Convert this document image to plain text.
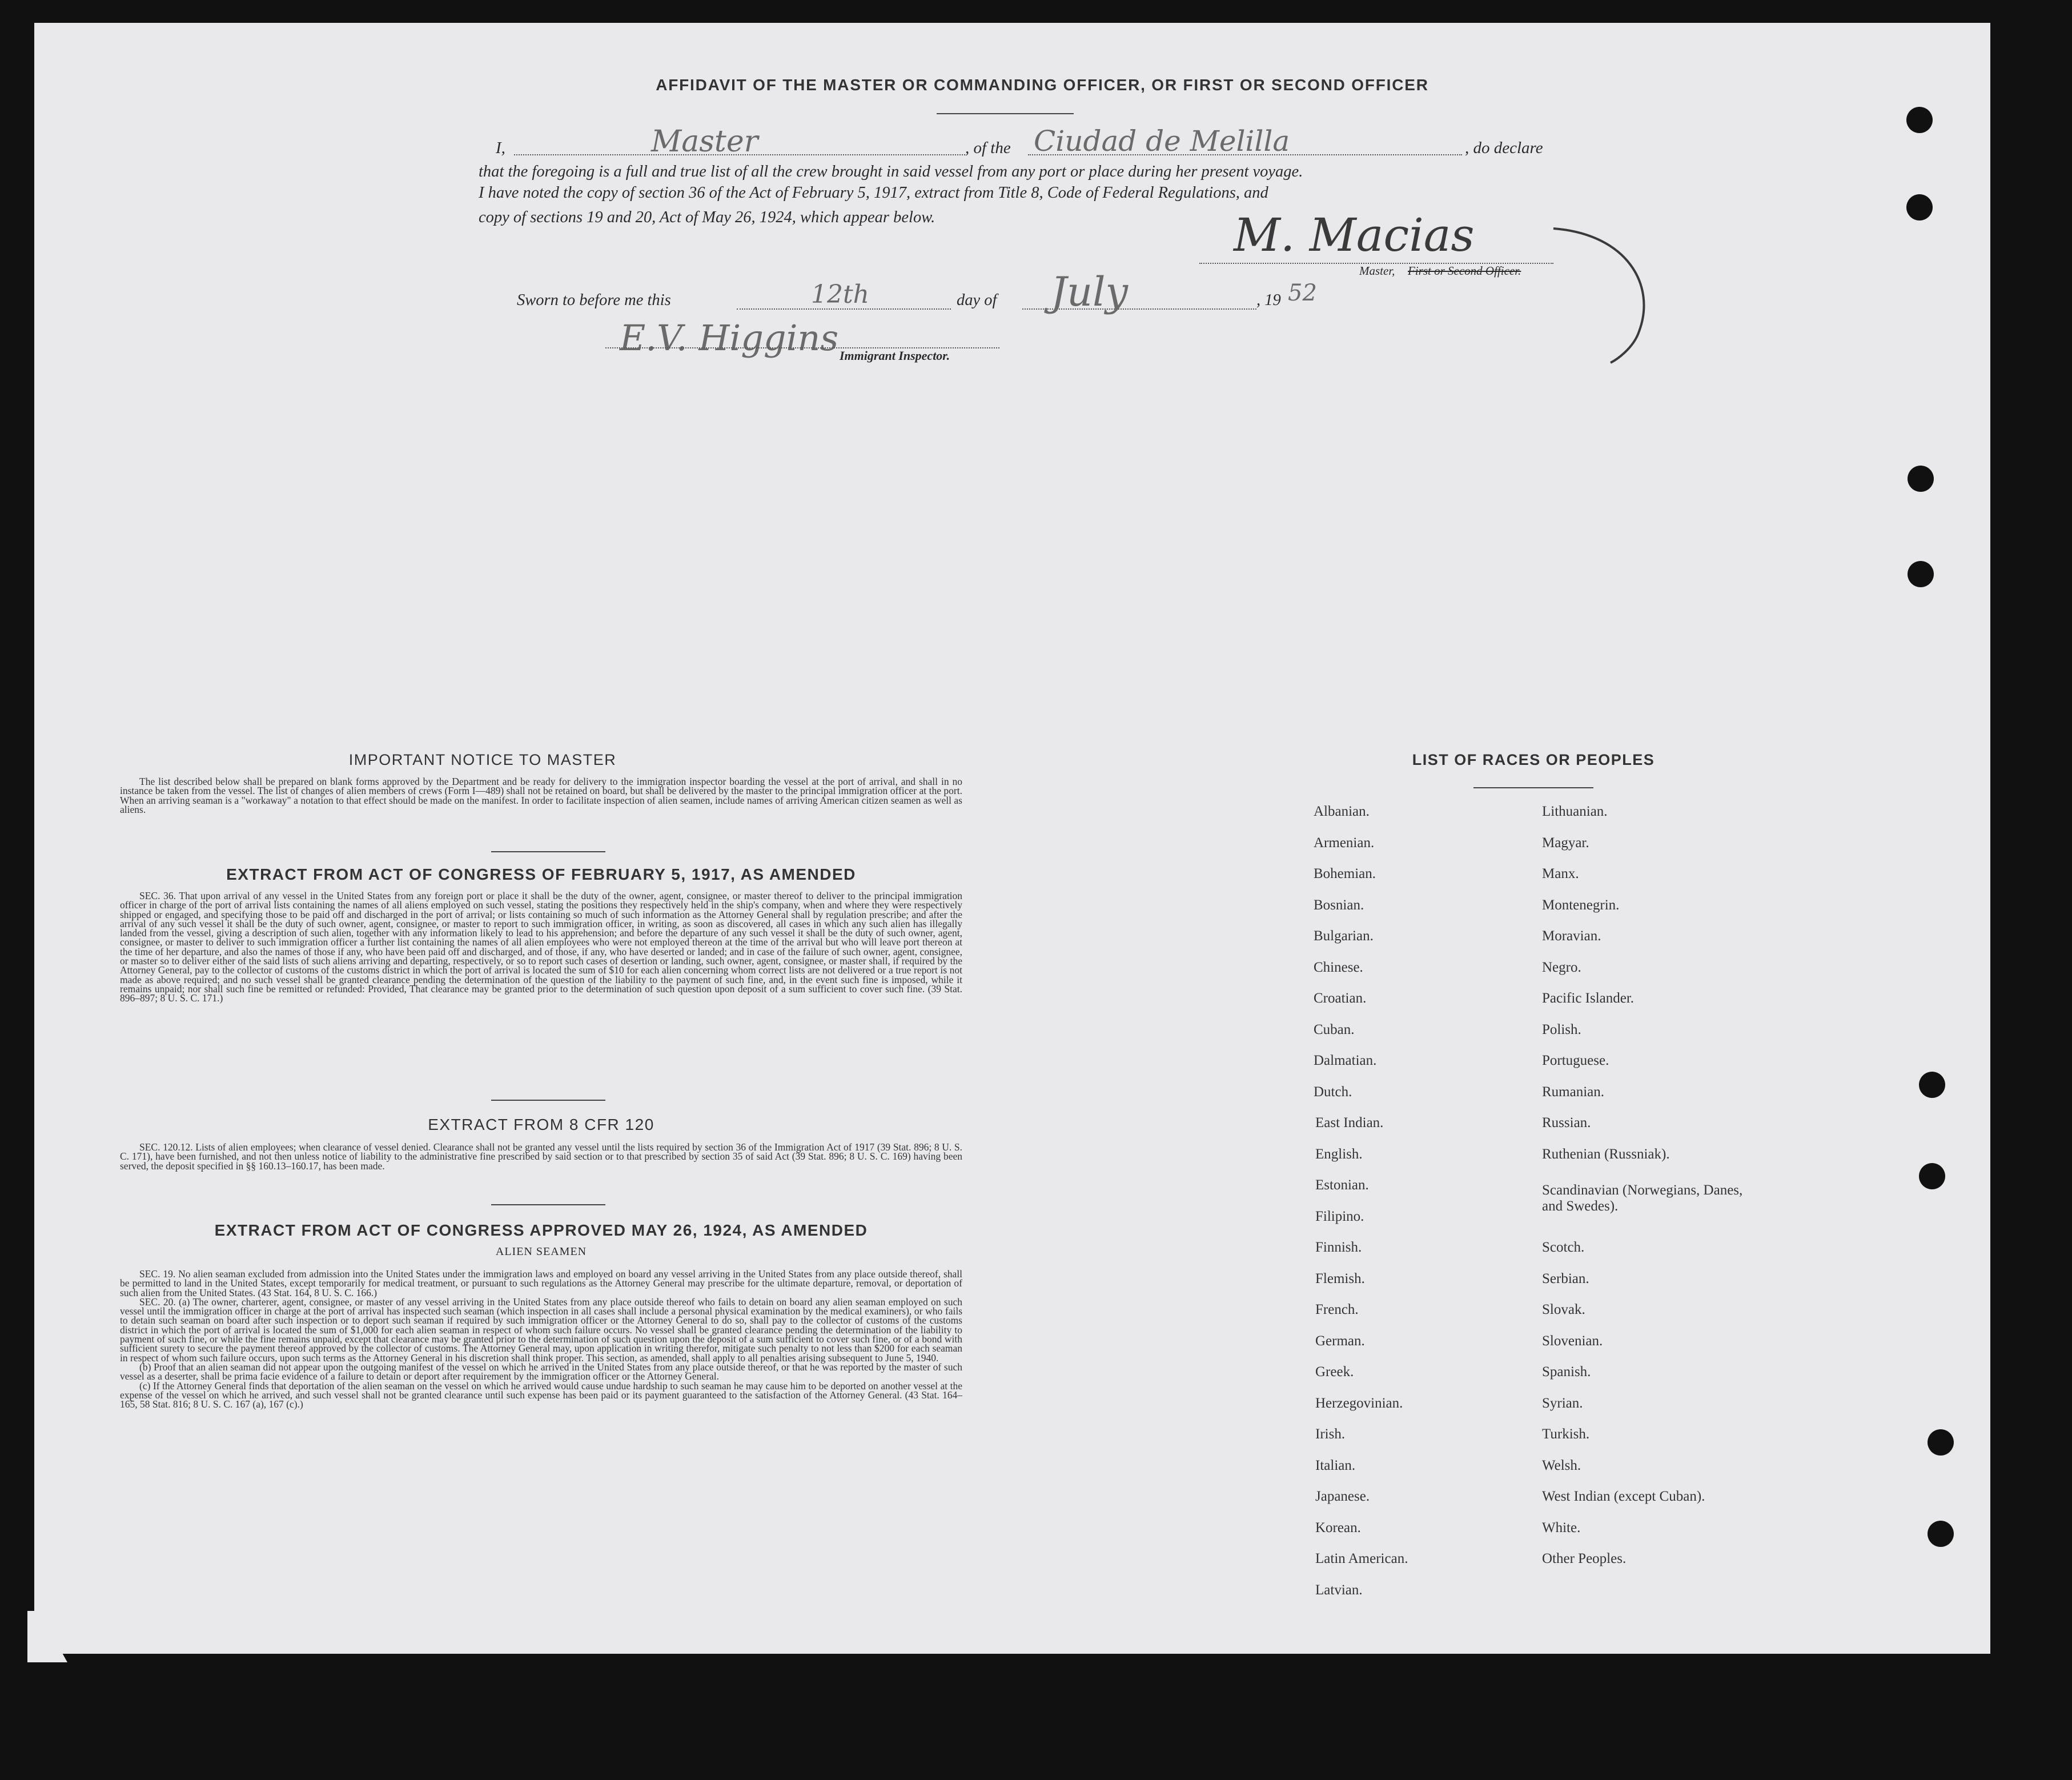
AFFIDAVIT OF THE MASTER OR COMMANDING OFFICER, OR FIRST OR SECOND OFFICER
I,	Master	, of the Ciudad de Melilla	, do declare
that the foregoing is a full and true list of all the crew brought in said vessel from any port or place during her present voyage.
I have noted the copy of section 36 of the Act of February 5, 1917, extract from Title 8, Code of Federal Regulations, and
copy of sections 19 and 20, Act of May 26, 1924, which appear below.	M. Macias
Master, First or Second Officer.
Sworn to before me this	12th	day of July	, 19 52
E.V. Higgins Immigrant Inspector.
IMPORTANT NOTICE TO MASTER

The list described below shall be prepared on blank forms approved by the Department and be ready for delivery to the immigration inspector boarding the vessel at the port of arrival, and shall in no instance be taken from the vessel. The list of changes of alien members of crews (Form I—489) shall not be retained on board, but shall be delivered by the master to the principal immigration officer at the port. When an arriving seaman is a "workaway" a notation to that effect should be made on the manifest. In order to facilitate inspection of alien seamen, include names of arriving American citizen seamen as well as aliens.

EXTRACT FROM ACT OF CONGRESS OF FEBRUARY 5, 1917, AS AMENDED

SEC. 36. That upon arrival of any vessel in the United States from any foreign port or place it shall be the duty of the owner, agent, consignee, or master thereof to deliver to the principal immigration officer in charge of the port of arrival lists containing the names of all aliens employed on such vessel, stating the positions they respectively held in the ship's company, when and where they were respectively shipped or engaged, and specifying those to be paid off and discharged in the port of arrival; or lists containing so much of such information as the Attorney General shall by regulation prescribe; and after the arrival of any such vessel it shall be the duty of such owner, agent, consignee, or master to report to such immigration officer, in writing, as soon as discovered, all cases in which any such alien has illegally landed from the vessel, giving a description of such alien, together with any information likely to lead to his apprehension; and before the departure of any such vessel it shall be the duty of such owner, agent, consignee, or master to deliver to such immigration officer a further list containing the names of all alien employees who were not employed thereon at the time of the arrival but who will leave port thereon at the time of her departure, and also the names of those if any, who have been paid off and discharged, and of those, if any, who have deserted or landed; and in case of the failure of such owner, agent, consignee, or master so to deliver either of the said lists of such aliens arriving and departing, respectively, or so to report such cases of desertion or landing, such owner, agent, consignee, or master shall, if required by the Attorney General, pay to the collector of customs of the customs district in which the port of arrival is located the sum of $10 for each alien concerning whom correct lists are not delivered or a true report is not made as above required; and no such vessel shall be granted clearance pending the determination of the question of the liability to the payment of such fine, and, in the event such fine is imposed, while it remains unpaid; nor shall such fine be remitted or refunded: Provided, That clearance may be granted prior to the determination of such question upon deposit of a sum sufficient to cover such fine. (39 Stat. 896–897; 8 U. S. C. 171.)

EXTRACT FROM 8 CFR 120

SEC. 120.12. Lists of alien employees; when clearance of vessel denied. Clearance shall not be granted any vessel until the lists required by section 36 of the Immigration Act of 1917 (39 Stat. 896; 8 U. S. C. 171), have been furnished, and not then unless notice of liability to the administrative fine prescribed by said section or to that prescribed by section 35 of said Act (39 Stat. 896; 8 U. S. C. 169) having been served, the deposit specified in §§ 160.13–160.17, has been made.

EXTRACT FROM ACT OF CONGRESS APPROVED MAY 26, 1924, AS AMENDED
ALIEN SEAMEN

SEC. 19. No alien seaman excluded from admission into the United States under the immigration laws and employed on board any vessel arriving in the United States from any place outside thereof, shall be permitted to land in the United States, except temporarily for medical treatment, or pursuant to such regulations as the Attorney General may prescribe for the ultimate departure, removal, or deportation of such alien from the United States. (43 Stat. 164, 8 U. S. C. 166.)

SEC. 20. (a) The owner, charterer, agent, consignee, or master of any vessel arriving in the United States from any place outside thereof who fails to detain on board any alien seaman employed on such vessel until the immigration officer in charge at the port of arrival has inspected such seaman (which inspection in all cases shall include a personal physical examination by the medical examiners), or who fails to detain such seaman on board after such inspection or to deport such seaman if required by such immigration officer or the Attorney General to do so, shall pay to the collector of customs of the customs district in which the port of arrival is located the sum of $1,000 for each alien seaman in respect of whom such failure occurs. No vessel shall be granted clearance pending the determination of the liability to payment of such fine, or while the fine remains unpaid, except that clearance may be granted prior to the determination of such question upon the deposit of a sum sufficient to cover such fine, or of a bond with sufficient surety to secure the payment thereof approved by the collector of customs. The Attorney General may, upon application in writing therefor, mitigate such penalty to not less than $200 for each seaman in respect of whom such failure occurs, upon such terms as the Attorney General in his discretion shall think proper. This section, as amended, shall apply to all penalties arising subsequent to June 5, 1940.

(b) Proof that an alien seaman did not appear upon the outgoing manifest of the vessel on which he arrived in the United States from any place outside thereof, or that he was reported by the master of such vessel as a deserter, shall be prima facie evidence of a failure to detain or deport after requirement by the immigration officer or the Attorney General.

(c) If the Attorney General finds that deportation of the alien seaman on the vessel on which he arrived would cause undue hardship to such seaman he may cause him to be deported on another vessel at the expense of the vessel on which he arrived, and such vessel shall not be granted clearance until such expense has been paid or its payment guaranteed to the satisfaction of the Attorney General. (43 Stat. 164–165, 58 Stat. 816; 8 U. S. C. 167 (a), 167 (c).)

LIST OF RACES OR PEOPLES
Albanian.
Armenian.
Bohemian.
Bosnian.
Bulgarian.
Chinese.
Croatian.
Cuban.
Dalmatian.
Dutch.
East Indian.
English.
Estonian.
Filipino.
Finnish.
Flemish.
French.
German.
Greek.
Herzegovinian.
Irish.
Italian.
Japanese.
Korean.
Latin American.
Latvian.
Lithuanian.
Magyar.
Manx.
Montenegrin.
Moravian.
Negro.
Pacific Islander.
Polish.
Portuguese.
Rumanian.
Russian.
Ruthenian (Russniak).
Scandinavian (Norwegians, Danes, and Swedes).
Scotch.
Serbian.
Slovak.
Slovenian.
Spanish.
Syrian.
Turkish.
Welsh.
West Indian (except Cuban).
White.
Other Peoples.
